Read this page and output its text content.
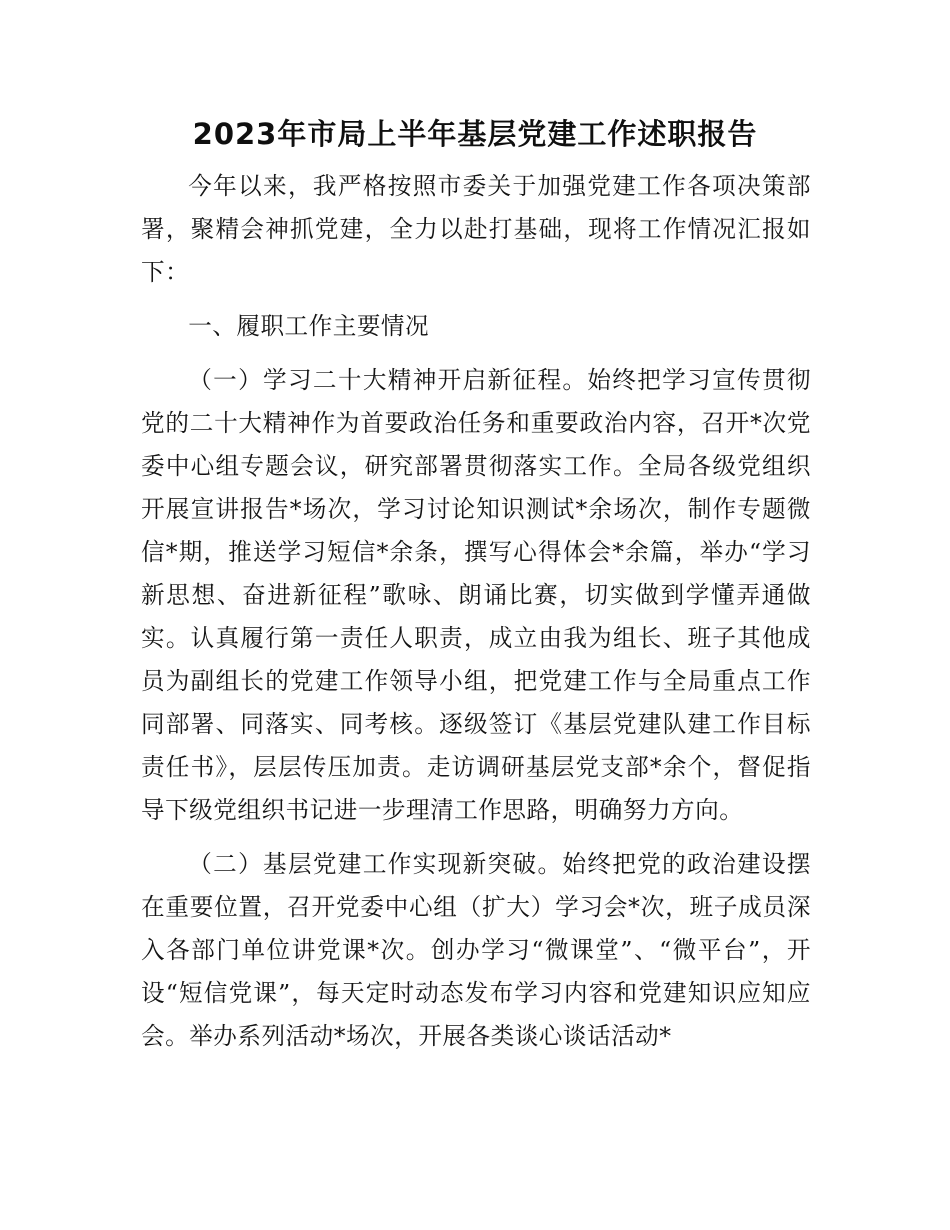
2023年市局上半年基层党建工作述职报告

今年以来，我严格按照市委关于加强党建工作各项决策部署，聚精会神抓党建，全力以赴打基础，现将工作情况汇报如下：

一、履职工作主要情况

（一）学习二十大精神开启新征程。始终把学习宣传贯彻党的二十大精神作为首要政治任务和重要政治内容，召开*次党委中心组专题会议，研究部署贯彻落实工作。全局各级党组织开展宣讲报告*场次，学习讨论知识测试*余场次，制作专题微信*期，推送学习短信*余条，撰写心得体会*余篇，举办“学习新思想、奋进新征程”歌咏、朗诵比赛，切实做到学懂弄通做实。认真履行第一责任人职责，成立由我为组长、班子其他成员为副组长的党建工作领导小组，把党建工作与全局重点工作同部署、同落实、同考核。逐级签订《基层党建队建工作目标责任书》，层层传压加责。走访调研基层党支部*余个，督促指导下级党组织书记进一步理清工作思路，明确努力方向。

（二）基层党建工作实现新突破。始终把党的政治建设摆在重要位置，召开党委中心组（扩大）学习会*次，班子成员深入各部门单位讲党课*次。创办学习“微课堂”、“微平台”，开设“短信党课”，每天定时动态发布学习内容和党建知识应知应会。举办系列活动*场次，开展各类谈心谈话活动*
